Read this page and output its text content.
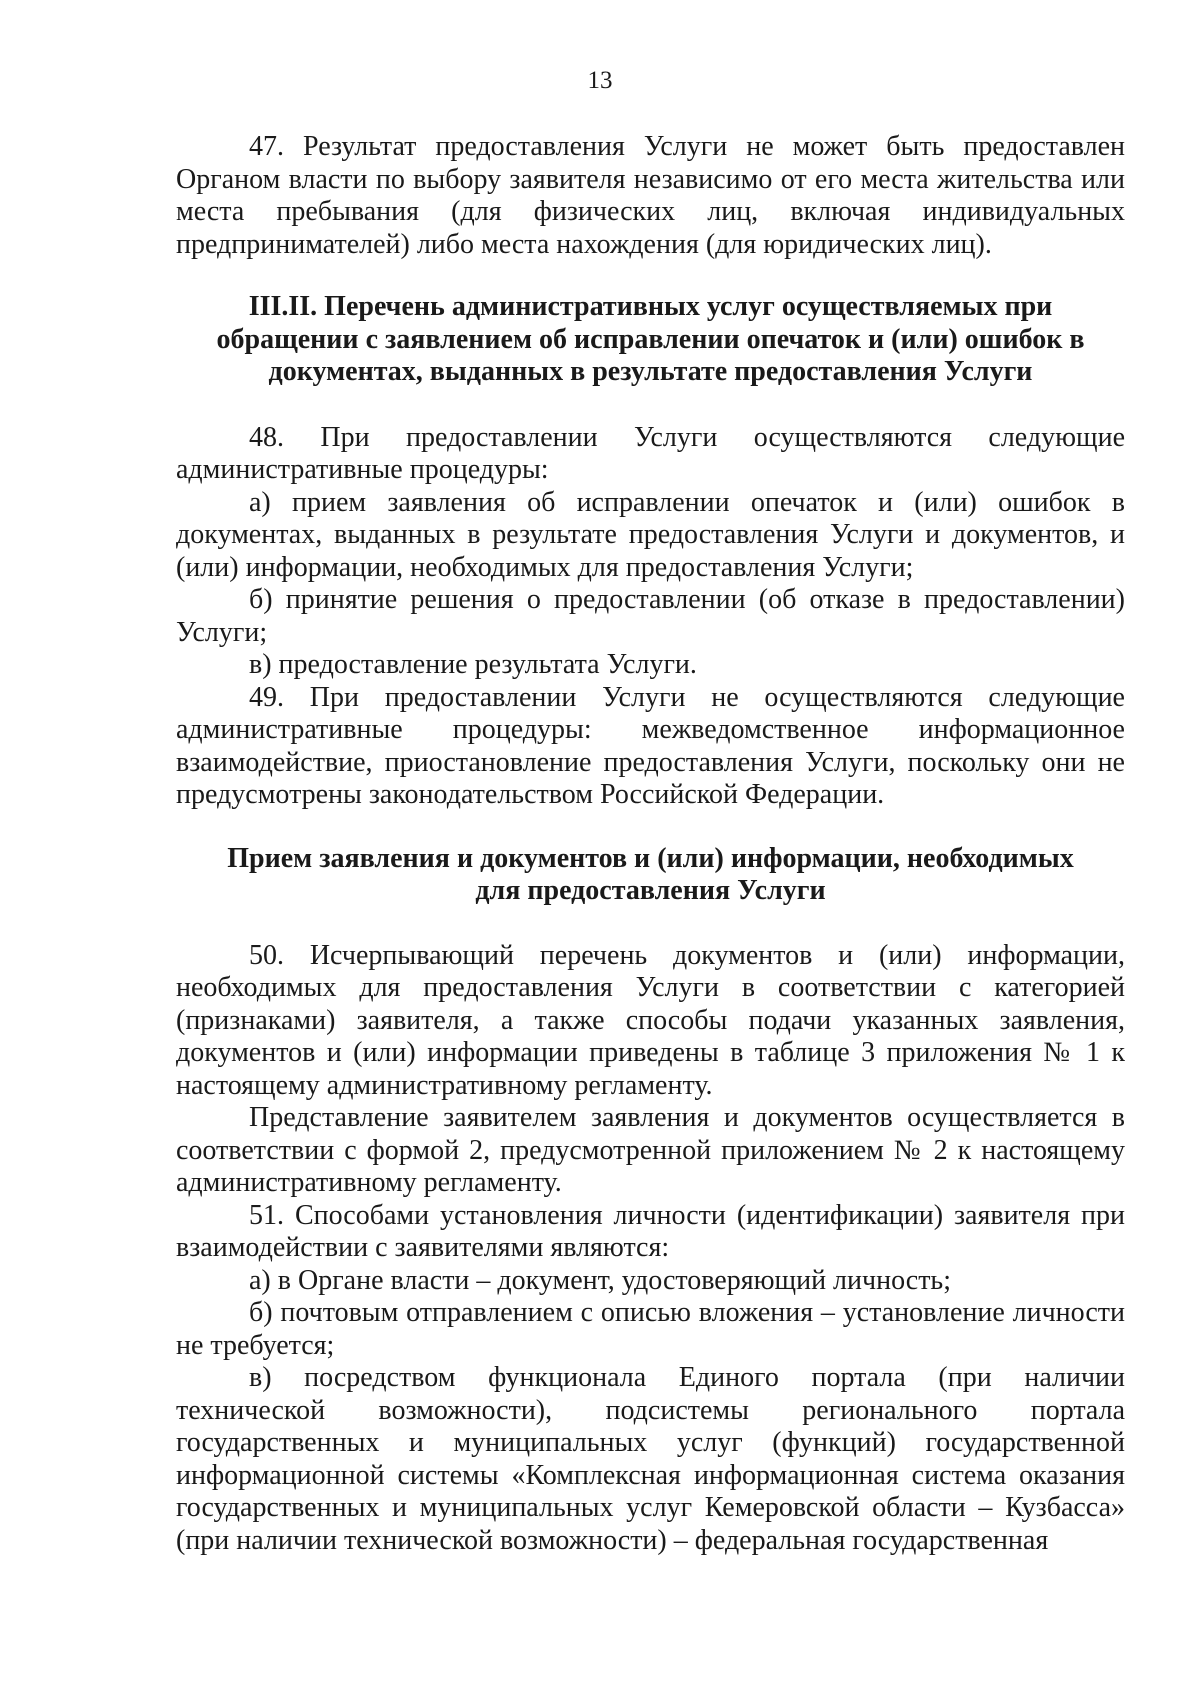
13

47. Результат предоставления Услуги не может быть предоставлен Органом власти по выбору заявителя независимо от его места жительства или места пребывания (для физических лиц, включая индивидуальных предпринимателей) либо места нахождения (для юридических лиц).

III.II. Перечень административных услуг осуществляемых при обращении с заявлением об исправлении опечаток и (или) ошибок в документах, выданных в результате предоставления Услуги

48. При предоставлении Услуги осуществляются следующие административные процедуры:

а) прием заявления об исправлении опечаток и (или) ошибок в документах, выданных в результате предоставления Услуги и документов, и (или) информации, необходимых для предоставления Услуги;

б) принятие решения о предоставлении (об отказе в предоставлении) Услуги;

в) предоставление результата Услуги.

49. При предоставлении Услуги не осуществляются следующие административные процедуры: межведомственное информационное взаимодействие, приостановление предоставления Услуги, поскольку они не предусмотрены законодательством Российской Федерации.

Прием заявления и документов и (или) информации, необходимых для предоставления Услуги

50. Исчерпывающий перечень документов и (или) информации, необходимых для предоставления Услуги в соответствии с категорией (признаками) заявителя, а также способы подачи указанных заявления, документов и (или) информации приведены в таблице 3 приложения № 1 к настоящему административному регламенту.

Представление заявителем заявления и документов осуществляется в соответствии с формой 2, предусмотренной приложением № 2 к настоящему административному регламенту.

51. Способами установления личности (идентификации) заявителя при взаимодействии с заявителями являются:

а) в Органе власти – документ, удостоверяющий личность;

б) почтовым отправлением с описью вложения – установление личности не требуется;

в) посредством функционала Единого портала (при наличии технической возможности), подсистемы регионального портала государственных и муниципальных услуг (функций) государственной информационной системы «Комплексная информационная система оказания государственных и муниципальных услуг Кемеровской области – Кузбасса» (при наличии технической возможности) – федеральная государственная
